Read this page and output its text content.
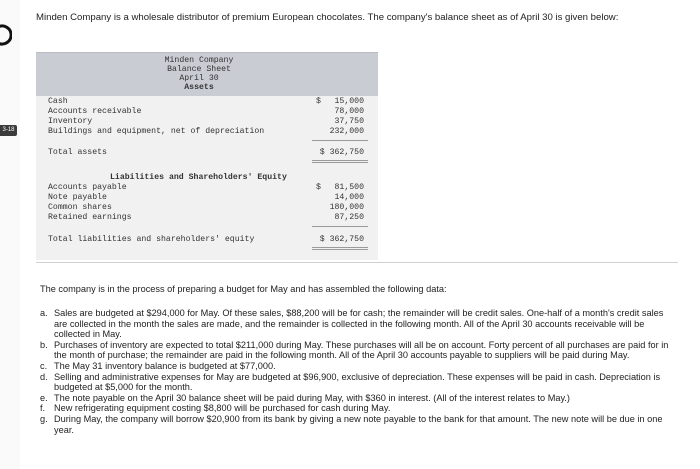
3-18
Minden Company is a wholesale distributor of premium European chocolates. The company's balance sheet as of April 30 is given below:
Minden Company
Balance Sheet
April 30
Assets
Cash	$ 15,000
Accounts receivable	78,000
Inventory	37,750
Buildings and equipment, net of depreciation	232,000
Total assets	$ 362,750
Liabilities and Shareholders' Equity
Accounts payable	$ 81,500
Note payable	14,000
Common shares	180,000
Retained earnings	87,250
Total liabilities and shareholders' equity	$ 362,750
The company is in the process of preparing a budget for May and has assembled the following data:
a. Sales are budgeted at $294,000 for May. Of these sales, $88,200 will be for cash; the remainder will be credit sales. One-half of a month's credit sales are collected in the month the sales are made, and the remainder is collected in the following month. All of the April 30 accounts receivable will be collected in May.
b. Purchases of inventory are expected to total $211,000 during May. These purchases will all be on account. Forty percent of all purchases are paid for in the month of purchase; the remainder are paid in the following month. All of the April 30 accounts payable to suppliers will be paid during May.
c. The May 31 inventory balance is budgeted at $77,000.
d. Selling and administrative expenses for May are budgeted at $96,900, exclusive of depreciation. These expenses will be paid in cash. Depreciation is budgeted at $5,000 for the month.
e. The note payable on the April 30 balance sheet will be paid during May, with $360 in interest. (All of the interest relates to May.)
f. New refrigerating equipment costing $8,800 will be purchased for cash during May.
g. During May, the company will borrow $20,900 from its bank by giving a new note payable to the bank for that amount. The new note will be due in one year.
